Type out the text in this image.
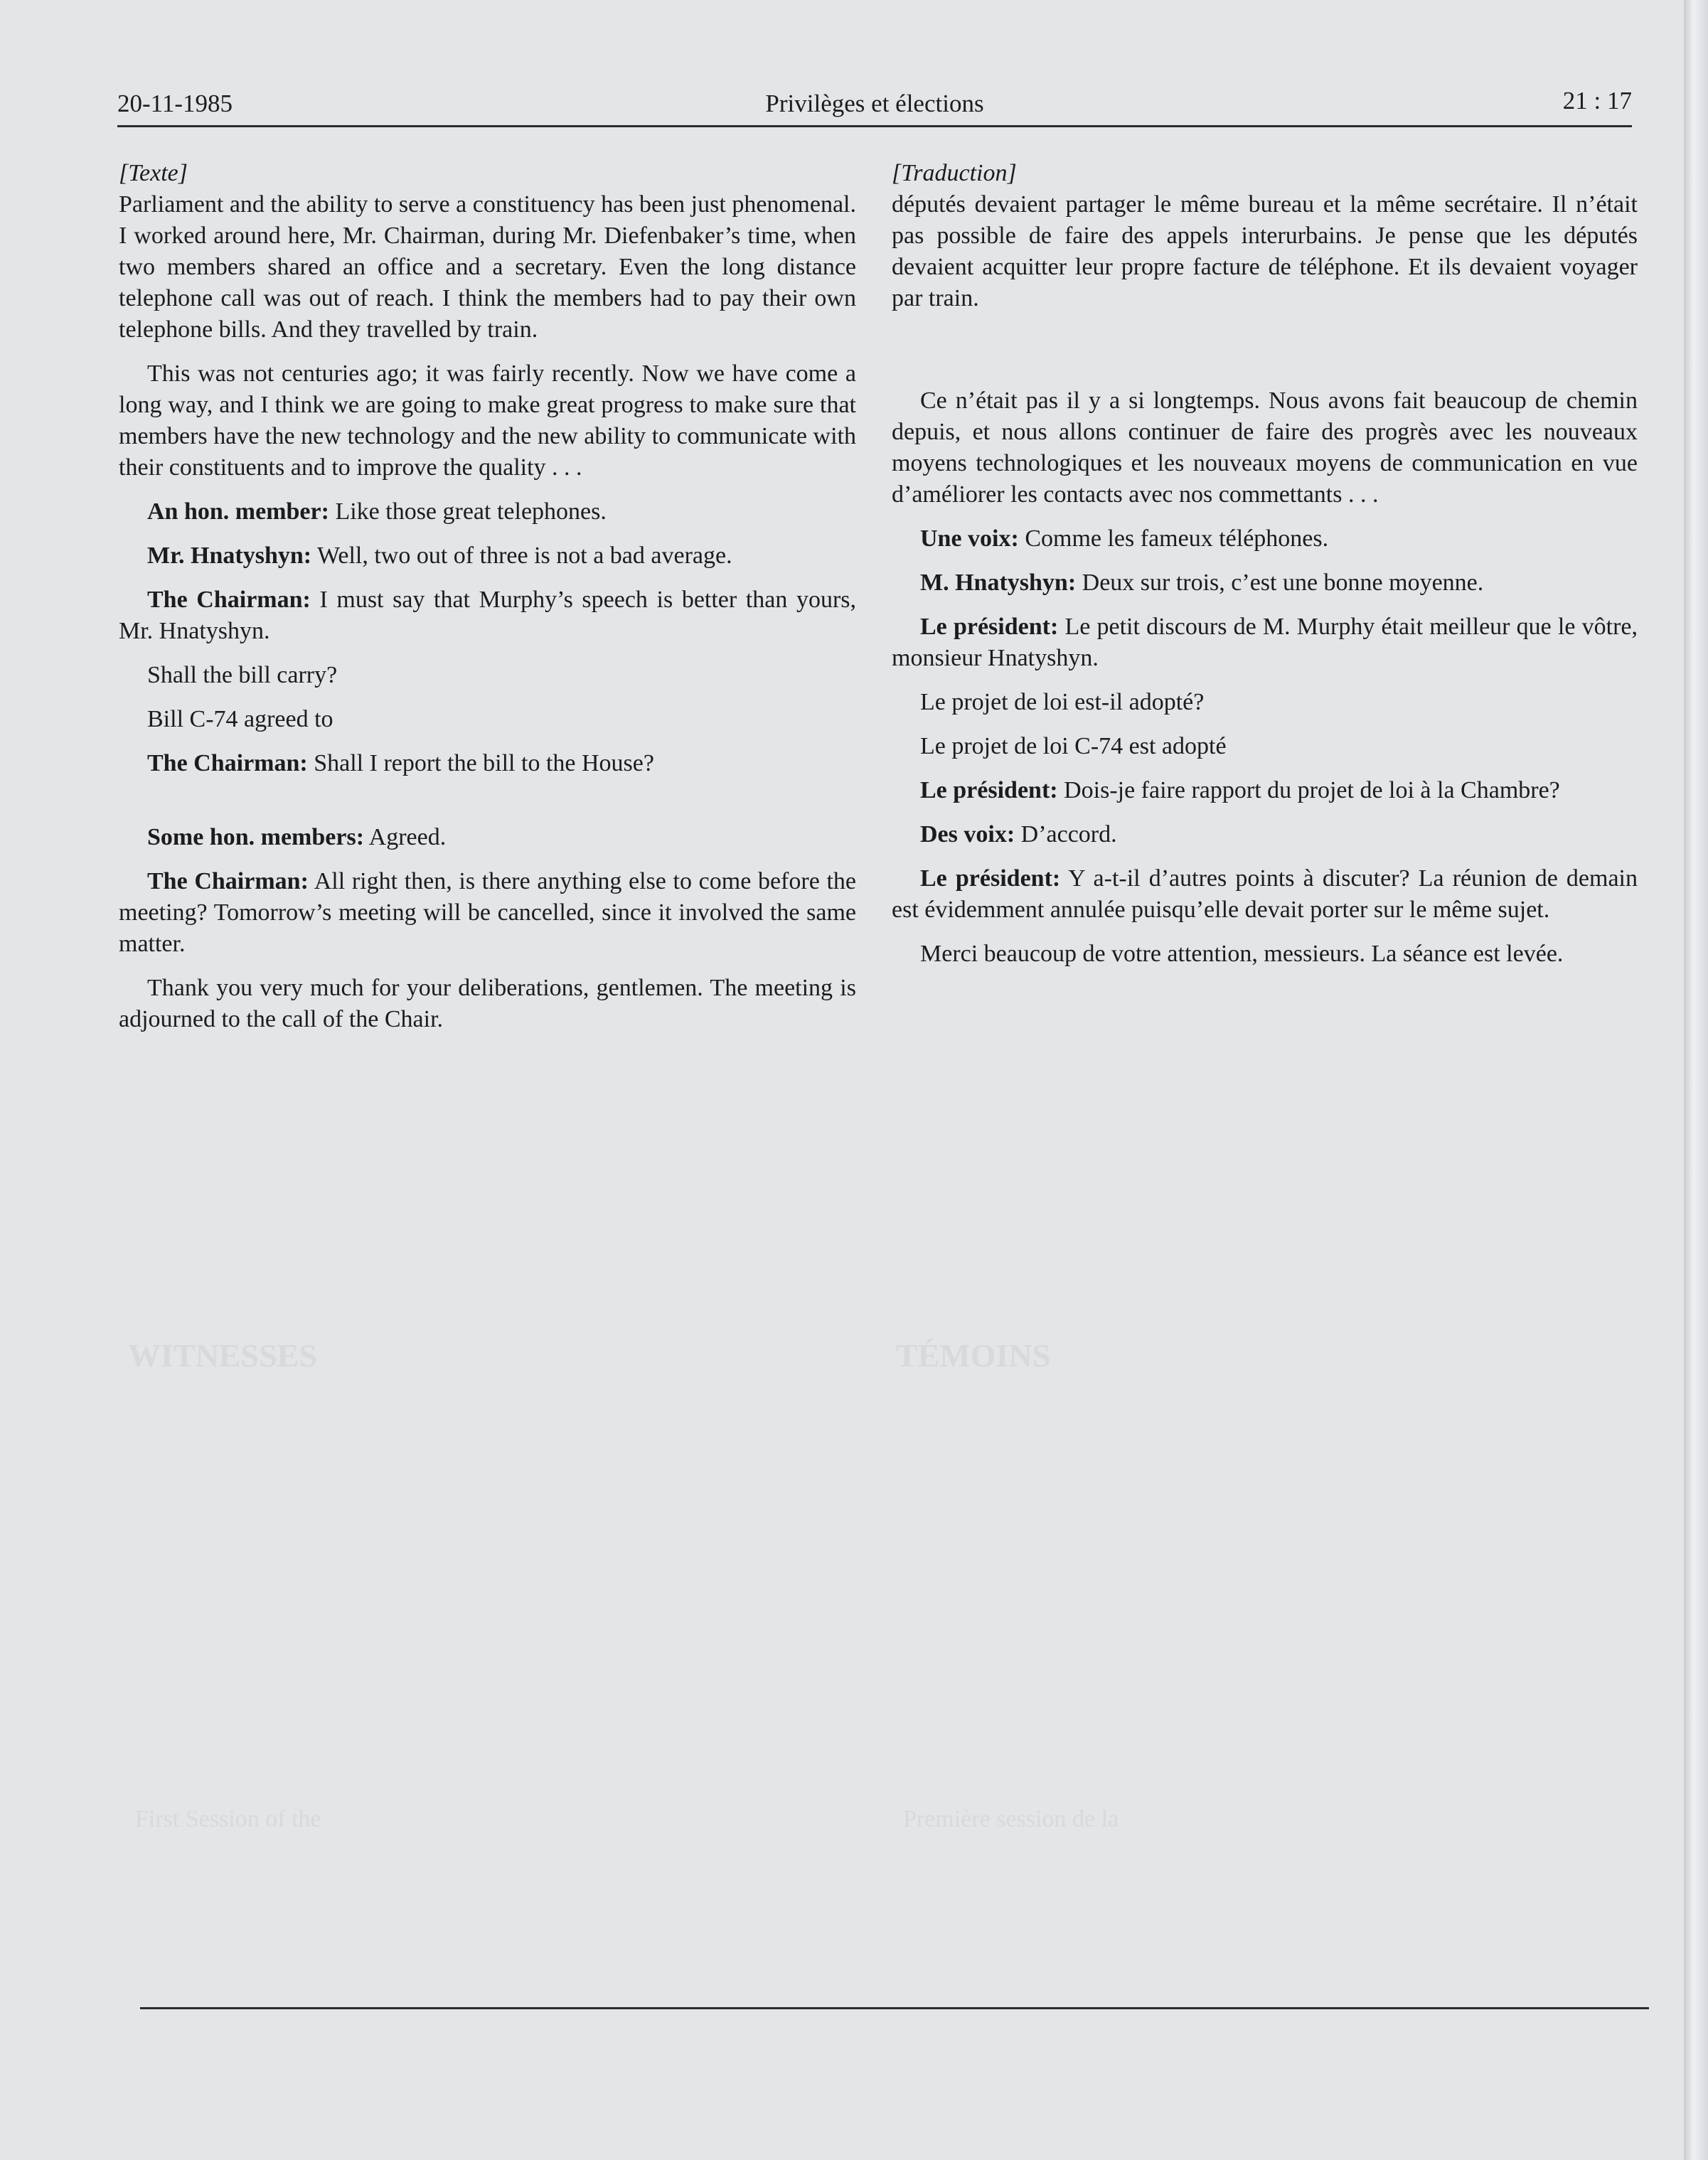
WITNESSES	TÉMOINS
First Session of the	Première session de la
20-11-1985	Privilèges et élections	21 : 17

[Texte]

Parliament and the ability to serve a constituency has been just phenomenal. I worked around here, Mr. Chairman, during Mr. Diefenbaker’s time, when two members shared an office and a secretary. Even the long distance telephone call was out of reach. I think the members had to pay their own telephone bills. And they travelled by train.

This was not centuries ago; it was fairly recently. Now we have come a long way, and I think we are going to make great progress to make sure that members have the new technology and the new ability to communicate with their constituents and to improve the quality . . .

An hon. member: Like those great telephones.

Mr. Hnatyshyn: Well, two out of three is not a bad average.

The Chairman: I must say that Murphy’s speech is better than yours, Mr. Hnatyshyn.

Shall the bill carry?

Bill C-74 agreed to

The Chairman: Shall I report the bill to the House?

Some hon. members: Agreed.

The Chairman: All right then, is there anything else to come before the meeting? Tomorrow’s meeting will be cancelled, since it involved the same matter.

Thank you very much for your deliberations, gentlemen. The meeting is adjourned to the call of the Chair.

[Traduction]

députés devaient partager le même bureau et la même secrétaire. Il n’était pas possible de faire des appels interurbains. Je pense que les députés devaient acquitter leur propre facture de téléphone. Et ils devaient voyager par train.

Ce n’était pas il y a si longtemps. Nous avons fait beaucoup de chemin depuis, et nous allons continuer de faire des progrès avec les nouveaux moyens technologiques et les nouveaux moyens de communication en vue d’améliorer les contacts avec nos commettants . . .

Une voix: Comme les fameux téléphones.

M. Hnatyshyn: Deux sur trois, c’est une bonne moyenne.

Le président: Le petit discours de M. Murphy était meilleur que le vôtre, monsieur Hnatyshyn.

Le projet de loi est-il adopté?

Le projet de loi C-74 est adopté

Le président: Dois-je faire rapport du projet de loi à la Chambre?

Des voix: D’accord.

Le président: Y a-t-il d’autres points à discuter? La réunion de demain est évidemment annulée puisqu’elle devait porter sur le même sujet.

Merci beaucoup de votre attention, messieurs. La séance est levée.
